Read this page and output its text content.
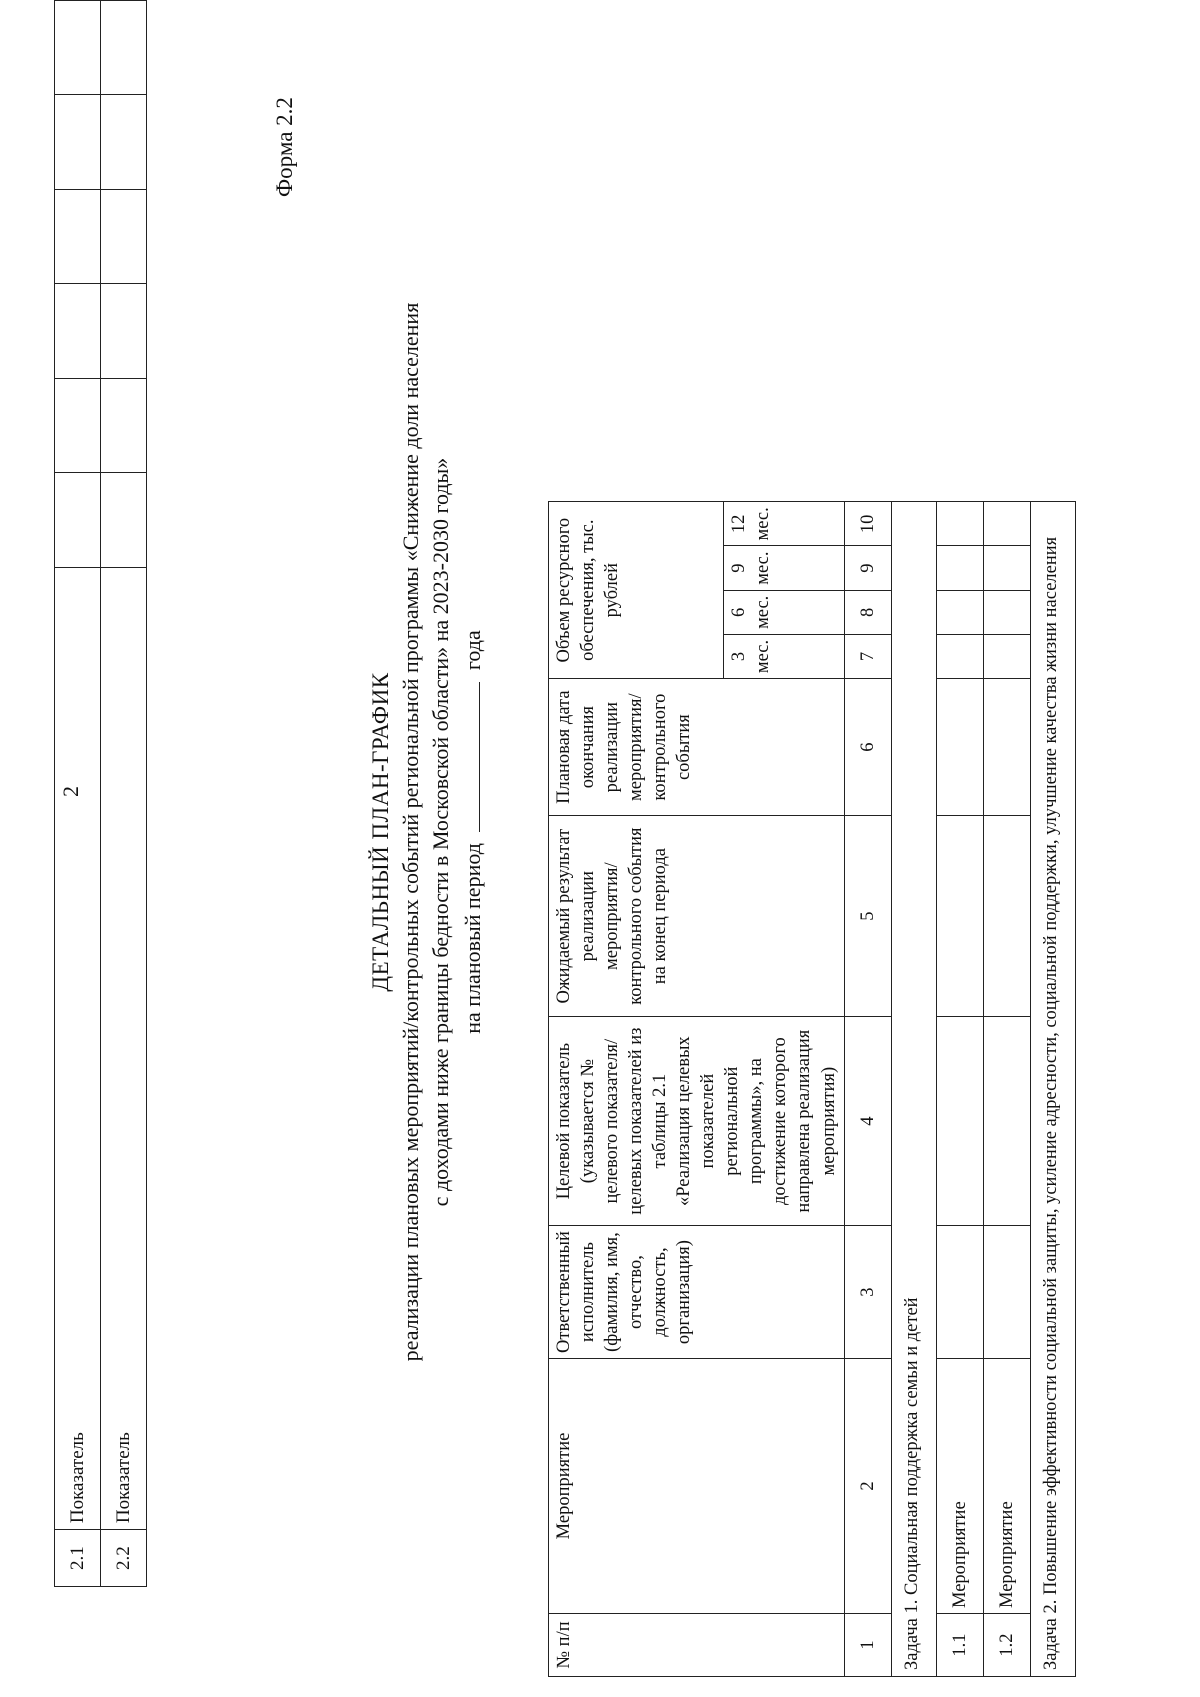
2
2.1	Показатель						
2.2	Показатель						
Форма 2.2
ДЕТАЛЬНЫЙ ПЛАН-ГРАФИК реализации плановых мероприятий/контрольных событий региональной программы «Снижение доли населения с доходами ниже границы бедности в Московской области» на 2023-2030 годы» на плановый период  года
№ п/п	Мероприятие	Ответственный исполнитель (фамилия, имя, отчество, должность, организация)	Целевой показатель (указывается № целевого показателя/целевых показателей из таблицы 2.1 «Реализация целевых показателей региональной программы», на достижение которого направлена реализация мероприятия)	Ожидаемый результат реализации мероприятия/контрольного события на конец периода	Плановая дата окончания реализации мероприятия/контрольного события	Объем ресурсного обеспечения, тыс. рублей			
						3 мес.	6 мес.	9 мес.	12 мес.
1	2	3	4	5	6	7	8	9	10
Задача 1. Социальная поддержка семьи и детей									
1.1	Мероприятие								
1.2	Мероприятие								
Задача 2. Повышение эффективности социальной защиты, усиление адресности, социальной поддержки, улучшение качества жизни населения									
